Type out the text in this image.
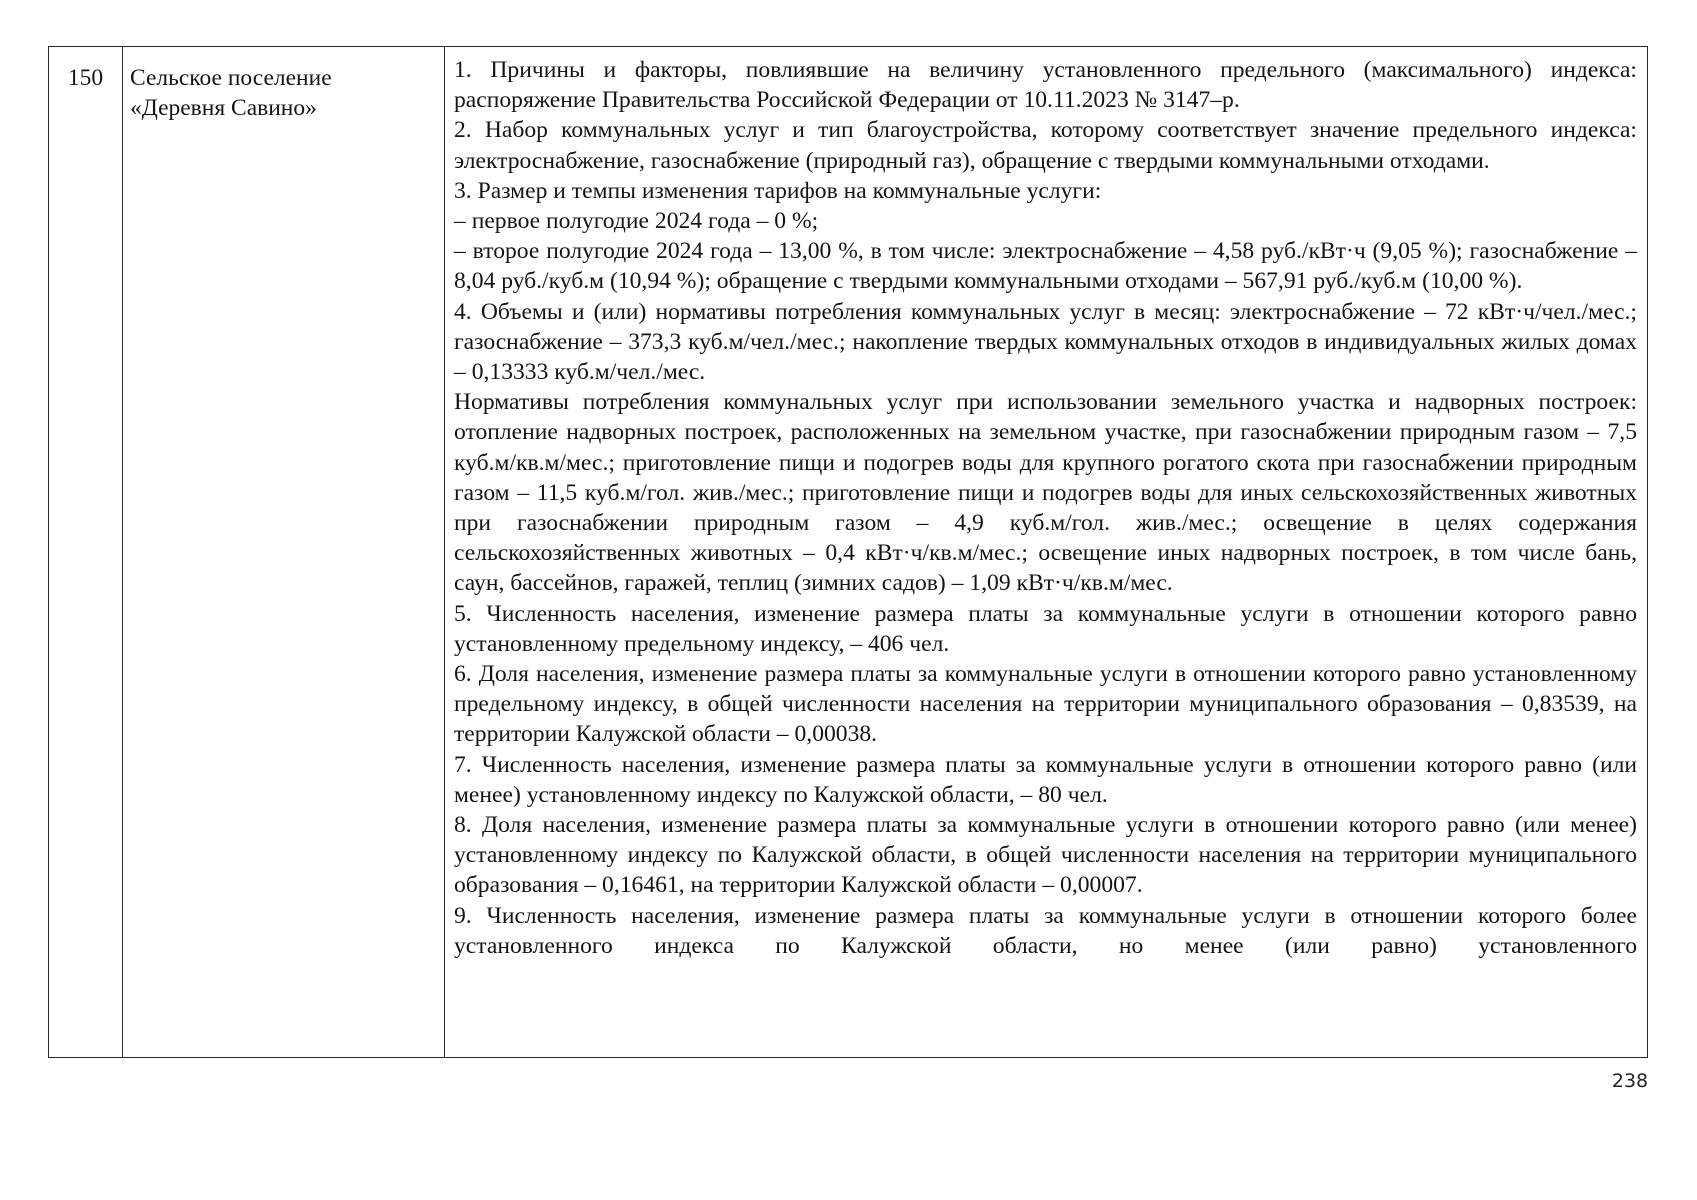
150	Сельское поселение
«Деревня Савино»

1. Причины и факторы, повлиявшие на величину установленного предельного (максимального) индекса: распоряжение Правительства Российской Федерации от 10.11.2023 № 3147–р.

2. Набор коммунальных услуг и тип благоустройства, которому соответствует значение предельного индекса: электроснабжение, газоснабжение (природный газ), обращение с твердыми коммунальными отходами.

3. Размер и темпы изменения тарифов на коммунальные услуги:

– первое полугодие 2024 года – 0 %;

– второе полугодие 2024 года – 13,00 %, в том числе: электроснабжение – 4,58 руб./кВт·ч (9,05 %); газоснабжение – 8,04 руб./куб.м (10,94 %); обращение с твердыми коммунальными отходами – 567,91 руб./куб.м (10,00 %).

4. Объемы и (или) нормативы потребления коммунальных услуг в месяц: электроснабжение – 72 кВт·ч/чел./мес.; газоснабжение – 373,3 куб.м/чел./мес.; накопление твердых коммунальных отходов в индивидуальных жилых домах – 0,13333 куб.м/чел./мес.

Нормативы потребления коммунальных услуг при использовании земельного участка и надворных построек: отопление надворных построек, расположенных на земельном участке, при газоснабжении природным газом – 7,5 куб.м/кв.м/мес.; приготовление пищи и подогрев воды для крупного рогатого скота при газоснабжении природным газом – 11,5 куб.м/гол. жив./мес.; приготовление пищи и подогрев воды для иных сельскохозяйственных животных при газоснабжении природным газом – 4,9 куб.м/гол. жив./мес.; освещение в целях содержания сельскохозяйственных животных – 0,4 кВт·ч/кв.м/мес.; освещение иных надворных построек, в том числе бань, саун, бассейнов, гаражей, теплиц (зимних садов) – 1,09 кВт·ч/кв.м/мес.

5. Численность населения, изменение размера платы за коммунальные услуги в отношении которого равно установленному предельному индексу, – 406 чел.

6. Доля населения, изменение размера платы за коммунальные услуги в отношении которого равно установленному предельному индексу, в общей численности населения на территории муниципального образования – 0,83539, на территории Калужской области – 0,00038.

7. Численность населения, изменение размера платы за коммунальные услуги в отношении которого равно (или менее) установленному индексу по Калужской области, – 80 чел.

8. Доля населения, изменение размера платы за коммунальные услуги в отношении которого равно (или менее) установленному индексу по Калужской области, в общей численности населения на территории муниципального образования – 0,16461, на территории Калужской области – 0,00007.

9. Численность населения, изменение размера платы за коммунальные услуги в отношении которого более установленного индекса по Калужской области, но менее (или равно) установленного

238
